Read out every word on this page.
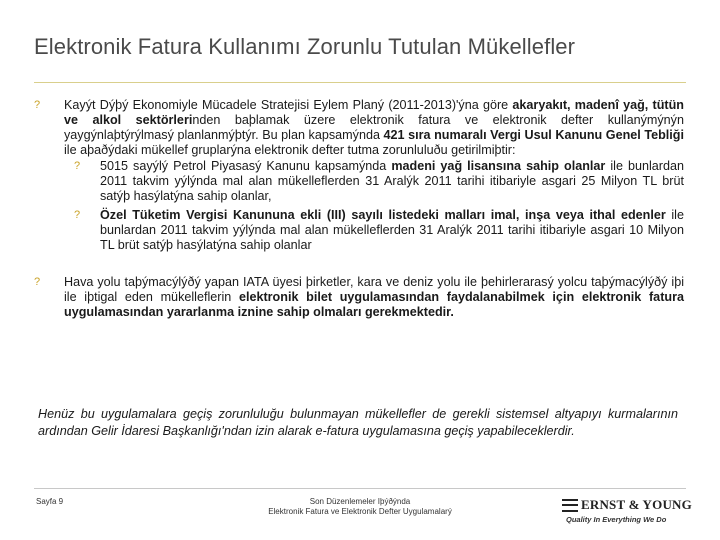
Elektronik Fatura Kullanımı Zorunlu Tutulan Mükellefler
? Kayýt Dýþý Ekonomiyle Mücadele Stratejisi Eylem Planý (2011-2013)'ýna göre akaryakıt, madenî yağ, tütün ve alkol sektörlerinden baþlamak üzere elektronik fatura ve elektronik defter kullanýmýnýn yaygýnlaþtýrýlmasý planlanmýþtýr. Bu plan kapsamýnda 421 sıra numaralı Vergi Usul Kanunu Genel Tebliği ile aþaðýdaki mükellef gruplarýna elektronik defter tutma zorunluluðu getirilmiþtir:
? 5015 sayýlý Petrol Piyasasý Kanunu kapsamýnda madeni yağ lisansına sahip olanlar ile bunlardan 2011 takvim yýlýnda mal alan mükelleflerden 31 Aralýk 2011 tarihi itibariyle asgari 25 Milyon TL brüt satýþ hasýlatýna sahip olanlar,
? Özel Tüketim Vergisi Kanununa ekli (III) sayılı listedeki malları imal, inşa veya ithal edenler ile bunlardan 2011 takvim yýlýnda mal alan mükelleflerden 31 Aralýk 2011 tarihi itibariyle asgari 10 Milyon TL brüt satýþ hasýlatýna sahip olanlar
? Hava yolu taþýmacýlýðý yapan IATA üyesi þirketler, kara ve deniz yolu ile þehirlerarasý yolcu taþýmacýlýðý iþi ile iþtigal eden mükelleflerin elektronik bilet uygulamasından faydalanabilmek için elektronik fatura uygulamasından yararlanma iznine sahip olmaları gerekmektedir.
Henüz bu uygulamalara geçiş zorunluluğu bulunmayan mükellefler de gerekli sistemsel altyapıyı kurmalarının ardından Gelir İdaresi Başkanlığı'ndan izin alarak e-fatura uygulamasına geçiş yapabileceklerdir.
Sayfa 9	Son Düzenlemeler Iþýðýnda
Elektronik Fatura ve Elektronik Defter Uygulamalarý	ERNST & YOUNG
Quality In Everything We Do
